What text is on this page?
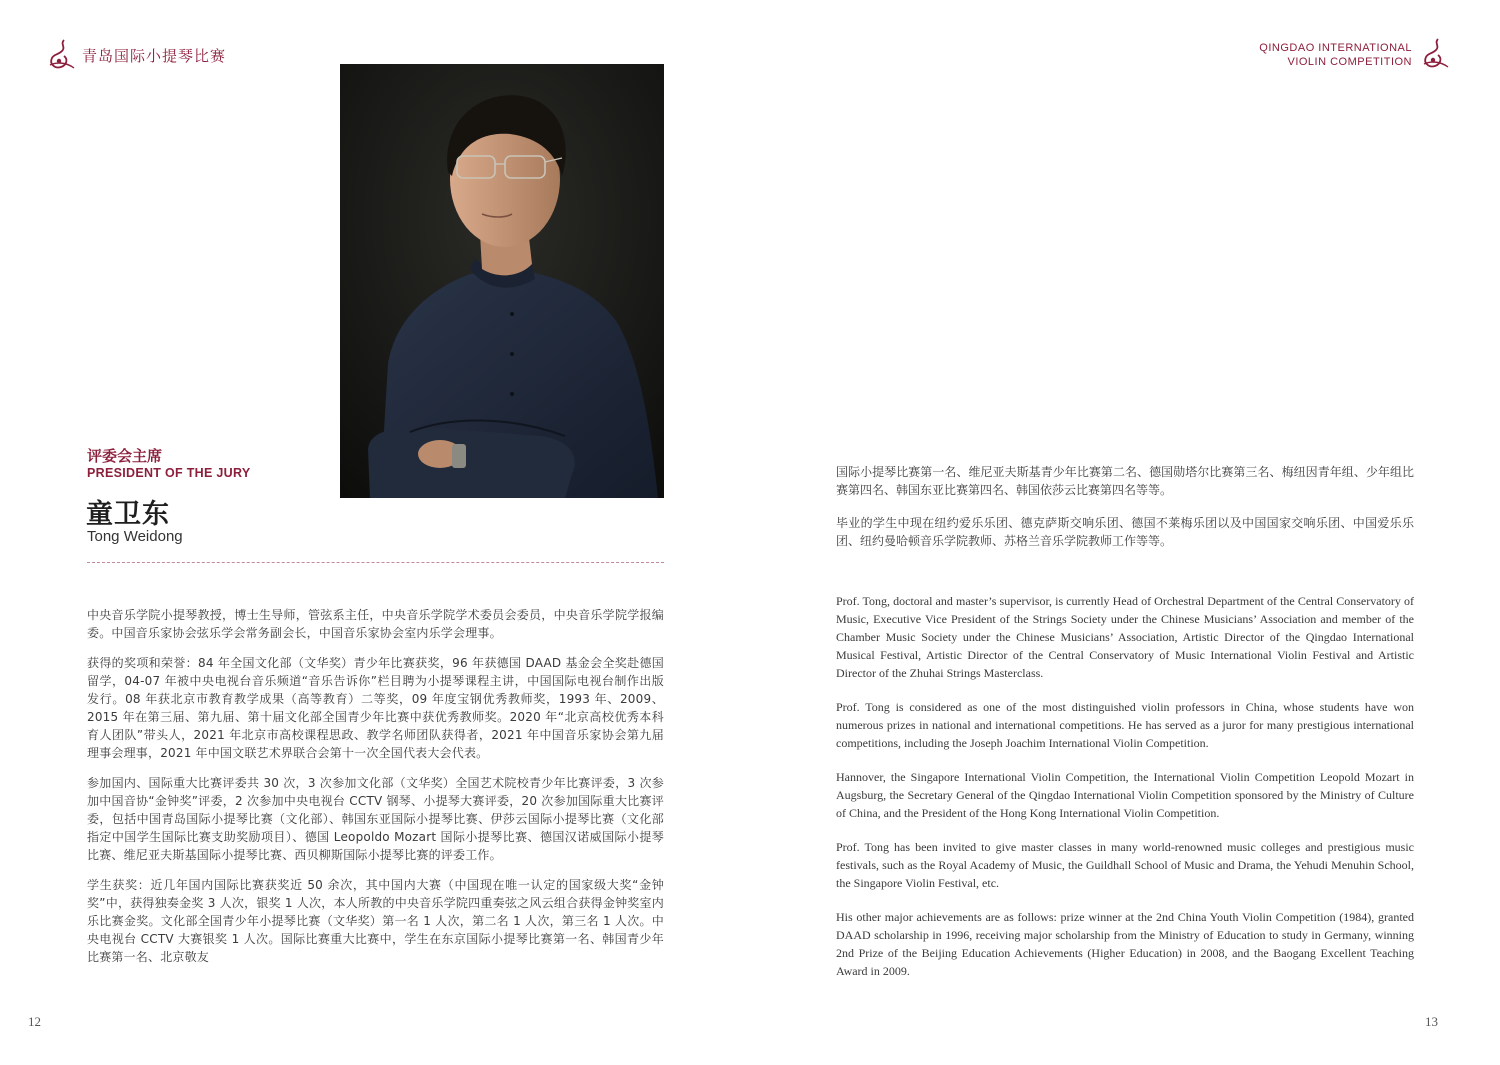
青岛国际小提琴比赛	QINGDAO INTERNATIONAL
VIOLIN COMPETITION
评委会主席
PRESIDENT OF THE JURY
童卫东
Tong Weidong

中央音乐学院小提琴教授，博士生导师，管弦系主任，中央音乐学院学术委员会委员，中央音乐学院学报编委。中国音乐家协会弦乐学会常务副会长，中国音乐家协会室内乐学会理事。

获得的奖项和荣誉：84 年全国文化部（文华奖）青少年比赛获奖，96 年获德国 DAAD 基金会全奖赴德国留学，04-07 年被中央电视台音乐频道“音乐告诉你”栏目聘为小提琴课程主讲，中国国际电视台制作出版发行。08 年获北京市教育教学成果（高等教育）二等奖，09 年度宝钢优秀教师奖，1993 年、2009、2015 年在第三届、第九届、第十届文化部全国青少年比赛中获优秀教师奖。2020 年“北京高校优秀本科育人团队”带头人，2021 年北京市高校课程思政、教学名师团队获得者，2021 年中国音乐家协会第九届理事会理事，2021 年中国文联艺术界联合会第十一次全国代表大会代表。

参加国内、国际重大比赛评委共 30 次，3 次参加文化部（文华奖）全国艺术院校青少年比赛评委，3 次参加中国音协“金钟奖”评委，2 次参加中央电视台 CCTV 钢琴、小提琴大赛评委，20 次参加国际重大比赛评委，包括中国青岛国际小提琴比赛（文化部）、韩国东亚国际小提琴比赛、伊莎云国际小提琴比赛（文化部指定中国学生国际比赛支助奖励项目）、德国 Leopoldo Mozart 国际小提琴比赛、德国汉诺威国际小提琴比赛、维尼亚夫斯基国际小提琴比赛、西贝柳斯国际小提琴比赛的评委工作。

学生获奖：近几年国内国际比赛获奖近 50 余次，其中国内大赛（中国现在唯一认定的国家级大奖“金钟奖”中，获得独奏金奖 3 人次，银奖 1 人次，本人所教的中央音乐学院四重奏弦之风云组合获得金钟奖室内乐比赛金奖。文化部全国青少年小提琴比赛（文华奖）第一名 1 人次，第二名 1 人次，第三名 1 人次。中央电视台 CCTV 大赛银奖 1 人次。国际比赛重大比赛中，学生在东京国际小提琴比赛第一名、韩国青少年比赛第一名、北京敬友

国际小提琴比赛第一名、维尼亚夫斯基青少年比赛第二名、德国勋塔尔比赛第三名、梅纽因青年组、少年组比赛第四名、韩国东亚比赛第四名、韩国依莎云比赛第四名等等。

毕业的学生中现在纽约爱乐乐团、德克萨斯交响乐团、德国不莱梅乐团以及中国国家交响乐团、中国爱乐乐团、纽约曼哈顿音乐学院教师、苏格兰音乐学院教师工作等等。

Prof. Tong, doctoral and master’s supervisor, is currently Head of Orchestral Department of the Central Conservatory of Music, Executive Vice President of the Strings Society under the Chinese Musicians’ Association and member of the Chamber Music Society under the Chinese Musicians’ Association, Artistic Director of the Qingdao International Musical Festival, Artistic Director of the Central Conservatory of Music International Violin Festival and Artistic Director of the Zhuhai Strings Masterclass.

Prof. Tong is considered as one of the most distinguished violin professors in China, whose students have won numerous prizes in national and international competitions. He has served as a juror for many prestigious international competitions, including the Joseph Joachim International Violin Competition.

Hannover, the Singapore International Violin Competition, the International Violin Competition Leopold Mozart in Augsburg, the Secretary General of the Qingdao International Violin Competition sponsored by the Ministry of Culture of China, and the President of the Hong Kong International Violin Competition.

Prof. Tong has been invited to give master classes in many world-renowned music colleges and prestigious music festivals, such as the Royal Academy of Music, the Guildhall School of Music and Drama, the Yehudi Menuhin School, the Singapore Violin Festival, etc.

His other major achievements are as follows: prize winner at the 2nd China Youth Violin Competition (1984), granted DAAD scholarship in 1996, receiving major scholarship from the Ministry of Education to study in Germany, winning 2nd Prize of the Beijing Education Achievements (Higher Education) in 2008, and the Baogang Excellent Teaching Award in 2009.

12	13
